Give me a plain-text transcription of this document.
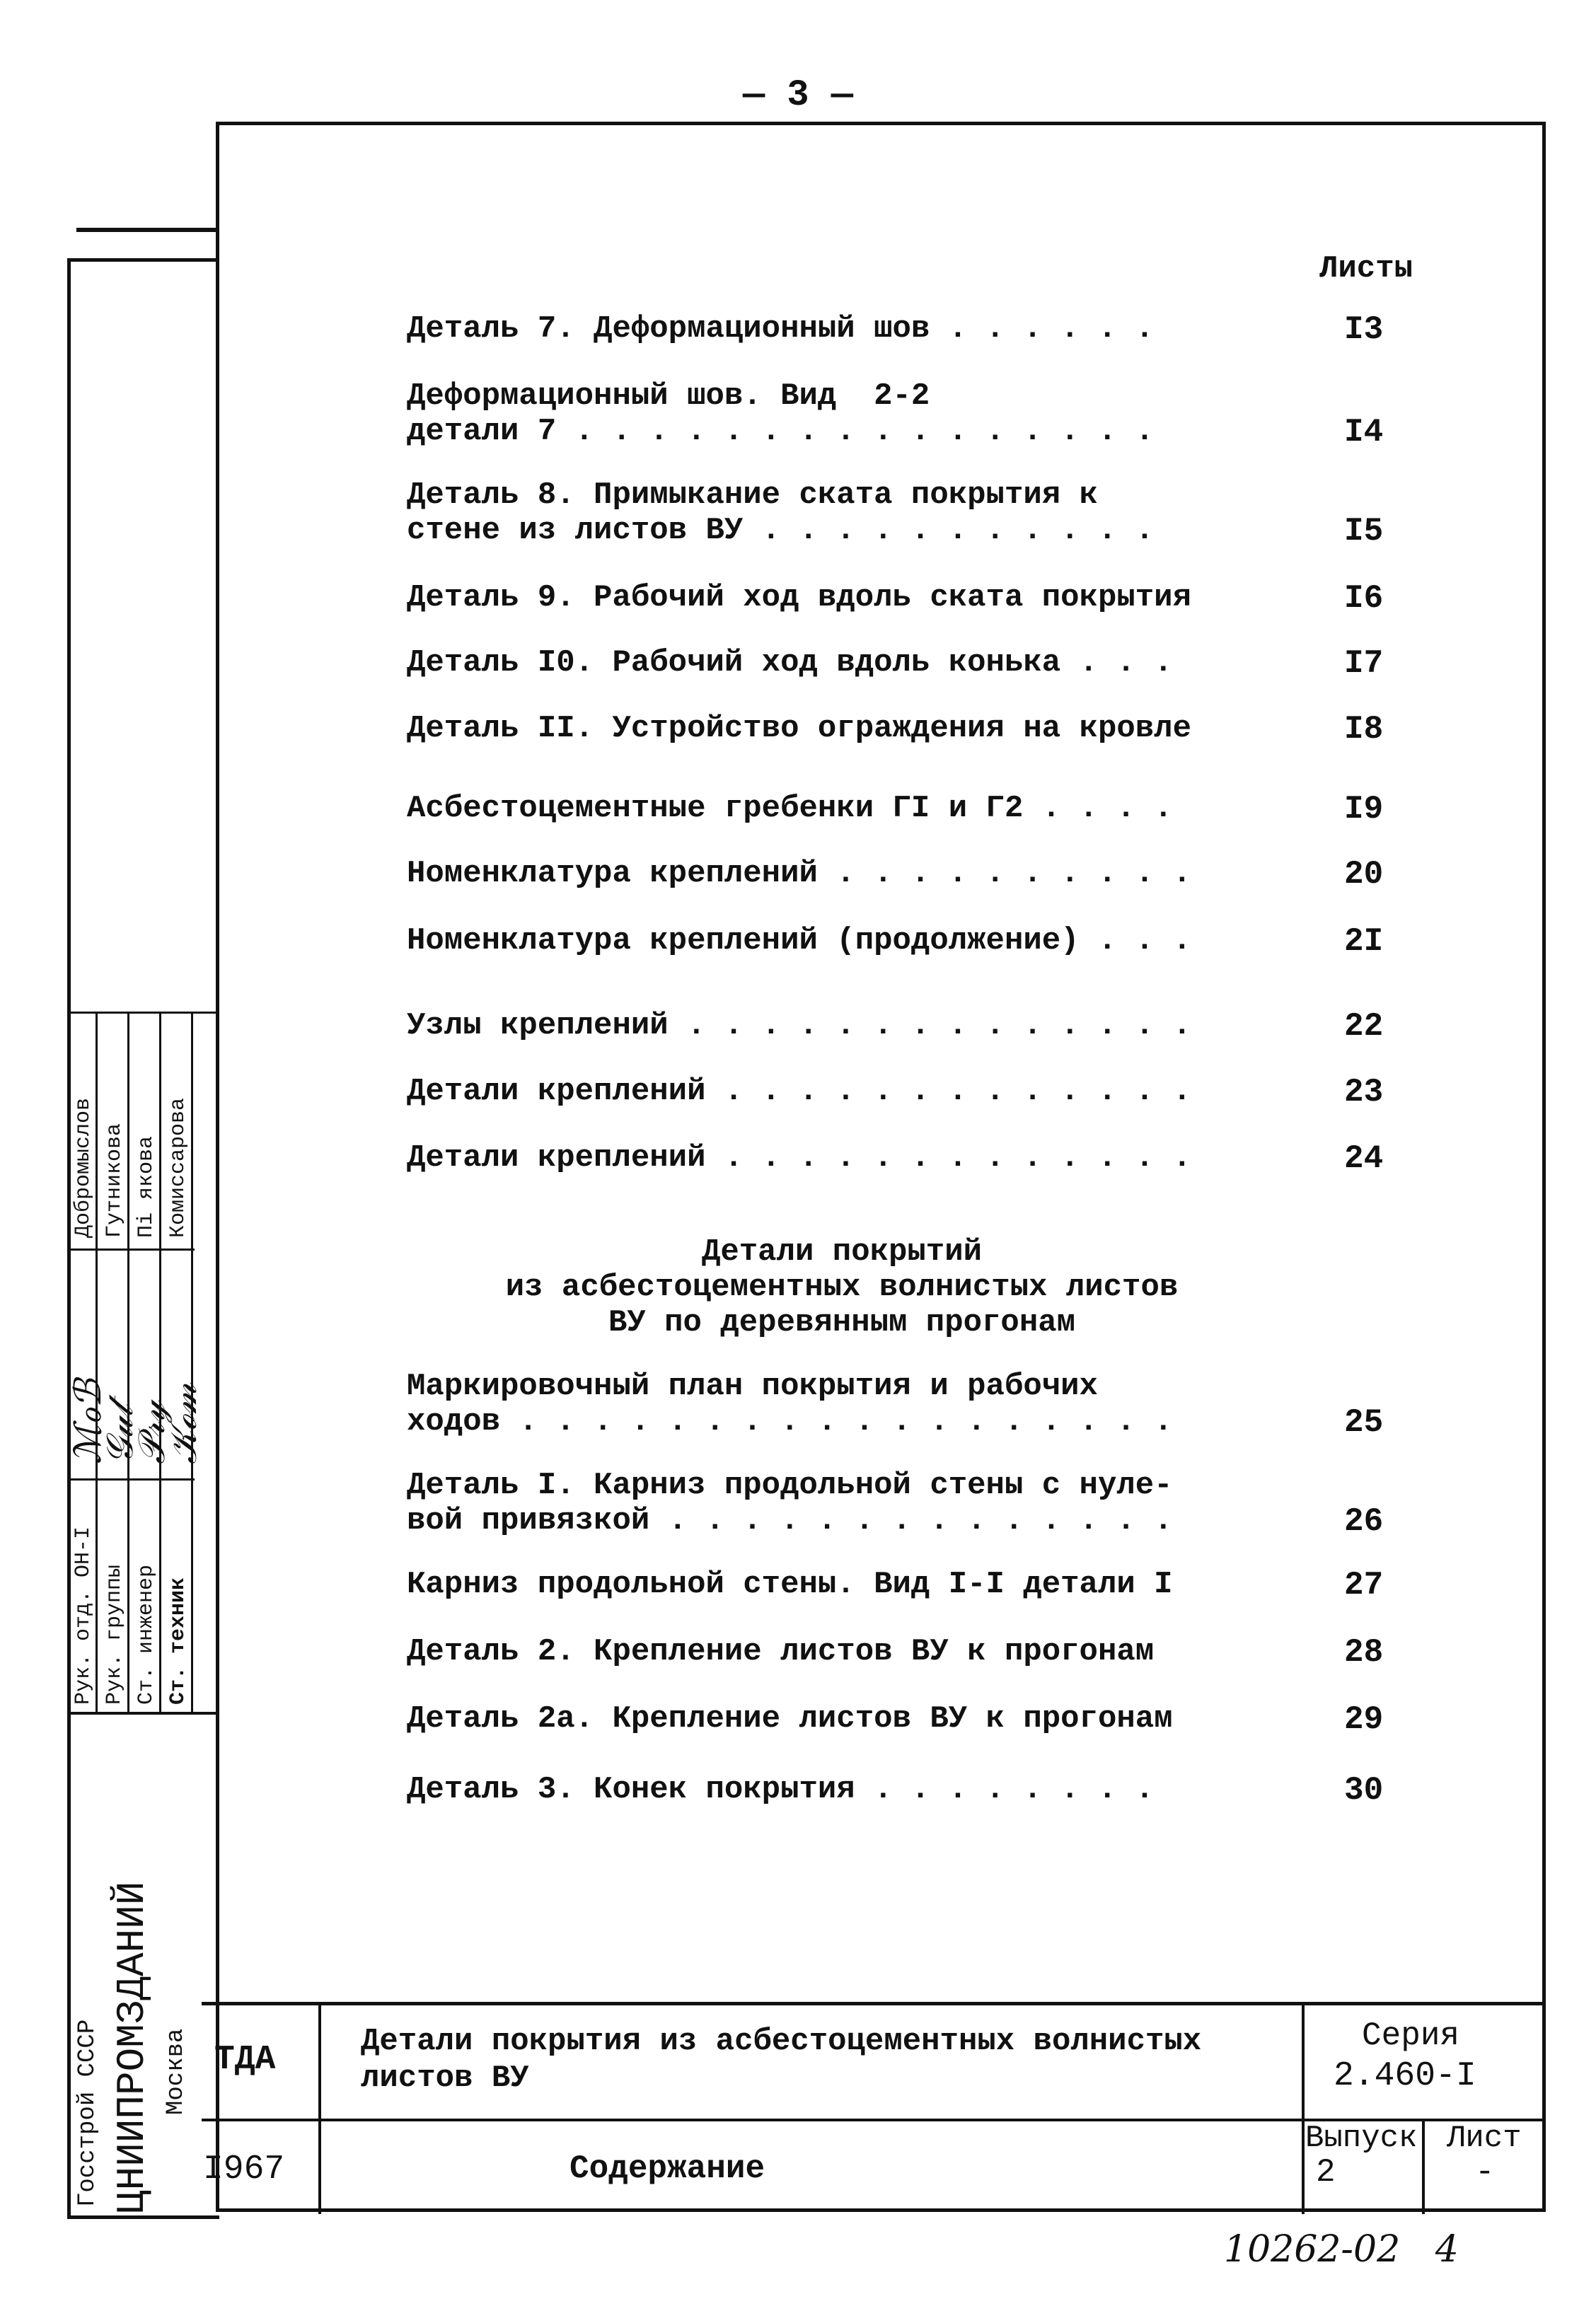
— 3 —
Листы
Деталь 7. Деформационный шов . . . . . .	I3
Деформационный шов. Вид  2-2
детали 7 . . . . . . . . . . . . . . . .	I4
Деталь 8. Примыкание ската покрытия к
стене из листов ВУ . . . . . . . . . . .	I5
Деталь 9. Рабочий ход вдоль ската покрытия	I6
Деталь I0. Рабочий ход вдоль конька . . .	I7
Деталь II. Устройство ограждения на кровле	I8
Асбестоцементные гребенки ГI и Г2 . . . .	I9
Номенклатура креплений . . . . . . . . . .	20
Номенклатура креплений (продолжение) . . .	2I
Узлы креплений . . . . . . . . . . . . . .	22
Детали креплений . . . . . . . . . . . . .	23
Детали креплений . . . . . . . . . . . . .	24
Детали покрытий
из асбестоцементных волнистых листов
ВУ по деревянным прогонам
Маркировочный план покрытия и рабочих
ходов . . . . . . . . . . . . . . . . . .	25
Деталь I. Карниз продольной стены с нуле-
вой привязкой . . . . . . . . . . . . . .	26
Карниз продольной стены. Вид I-I детали I	27
Деталь 2. Крепление листов ВУ к прогонам	28
Деталь 2а. Крепление листов ВУ к прогонам	29
Деталь 3. Конек покрытия . . . . . . . .	30
Рук. отд. ОН-I Рук. группы Ст. инженер Ст. техник
ℳℴℬ
𝒢𝓊𝓉
𝒫𝓇𝓎
𝒦ℴ𝓂
Добромыслов Гутникова Пі якова Комиссарова
Госстрой СССР ЦНИИПРОМЗДАНИЙ Москва ТДА
I967
Детали покрытия из асбестоцементных волнистых листов ВУ
Содержание
Серия
2.460-I
Выпуск
2
Лист
-
10262-02   4
